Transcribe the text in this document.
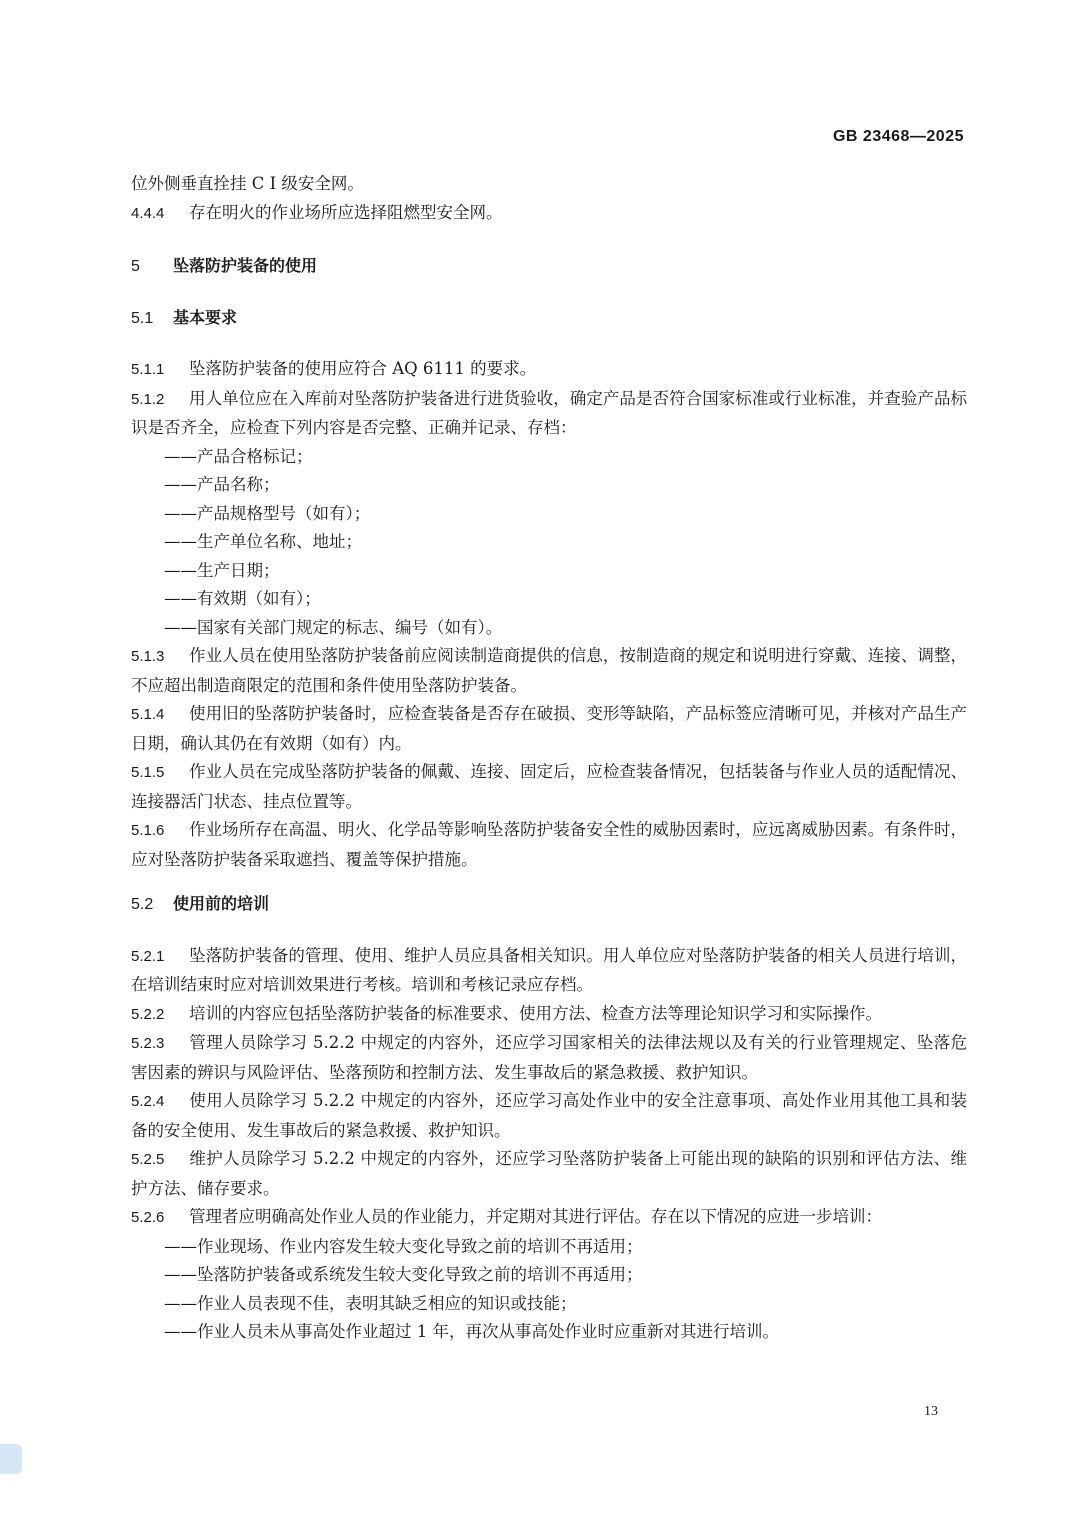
GB 23468—2025

位外侧垂直拴挂 C Ⅰ 级安全网。

4.4.4 存在明火的作业场所应选择阻燃型安全网。

5 坠落防护装备的使用

5.1 基本要求

5.1.1 坠落防护装备的使用应符合 AQ 6111 的要求。

5.1.2 用人单位应在入库前对坠落防护装备进行进货验收，确定产品是否符合国家标准或行业标准，并查验产品标识是否齐全，应检查下列内容是否完整、正确并记录、存档：

——产品合格标记；

——产品名称；

——产品规格型号（如有）；

——生产单位名称、地址；

——生产日期；

——有效期（如有）；

——国家有关部门规定的标志、编号（如有）。

5.1.3 作业人员在使用坠落防护装备前应阅读制造商提供的信息，按制造商的规定和说明进行穿戴、连接、调整，不应超出制造商限定的范围和条件使用坠落防护装备。

5.1.4 使用旧的坠落防护装备时，应检查装备是否存在破损、变形等缺陷，产品标签应清晰可见，并核对产品生产日期，确认其仍在有效期（如有）内。

5.1.5 作业人员在完成坠落防护装备的佩戴、连接、固定后，应检查装备情况，包括装备与作业人员的适配情况、连接器活门状态、挂点位置等。

5.1.6 作业场所存在高温、明火、化学品等影响坠落防护装备安全性的威胁因素时，应远离威胁因素。有条件时，应对坠落防护装备采取遮挡、覆盖等保护措施。

5.2 使用前的培训

5.2.1 坠落防护装备的管理、使用、维护人员应具备相关知识。用人单位应对坠落防护装备的相关人员进行培训，在培训结束时应对培训效果进行考核。培训和考核记录应存档。

5.2.2 培训的内容应包括坠落防护装备的标准要求、使用方法、检查方法等理论知识学习和实际操作。

5.2.3 管理人员除学习 5.2.2 中规定的内容外，还应学习国家相关的法律法规以及有关的行业管理规定、坠落危害因素的辨识与风险评估、坠落预防和控制方法、发生事故后的紧急救援、救护知识。

5.2.4 使用人员除学习 5.2.2 中规定的内容外，还应学习高处作业中的安全注意事项、高处作业用其他工具和装备的安全使用、发生事故后的紧急救援、救护知识。

5.2.5 维护人员除学习 5.2.2 中规定的内容外，还应学习坠落防护装备上可能出现的缺陷的识别和评估方法、维护方法、储存要求。

5.2.6 管理者应明确高处作业人员的作业能力，并定期对其进行评估。存在以下情况的应进一步培训：

——作业现场、作业内容发生较大变化导致之前的培训不再适用；

——坠落防护装备或系统发生较大变化导致之前的培训不再适用；

——作业人员表现不佳，表明其缺乏相应的知识或技能；

——作业人员未从事高处作业超过 1 年，再次从事高处作业时应重新对其进行培训。

13
